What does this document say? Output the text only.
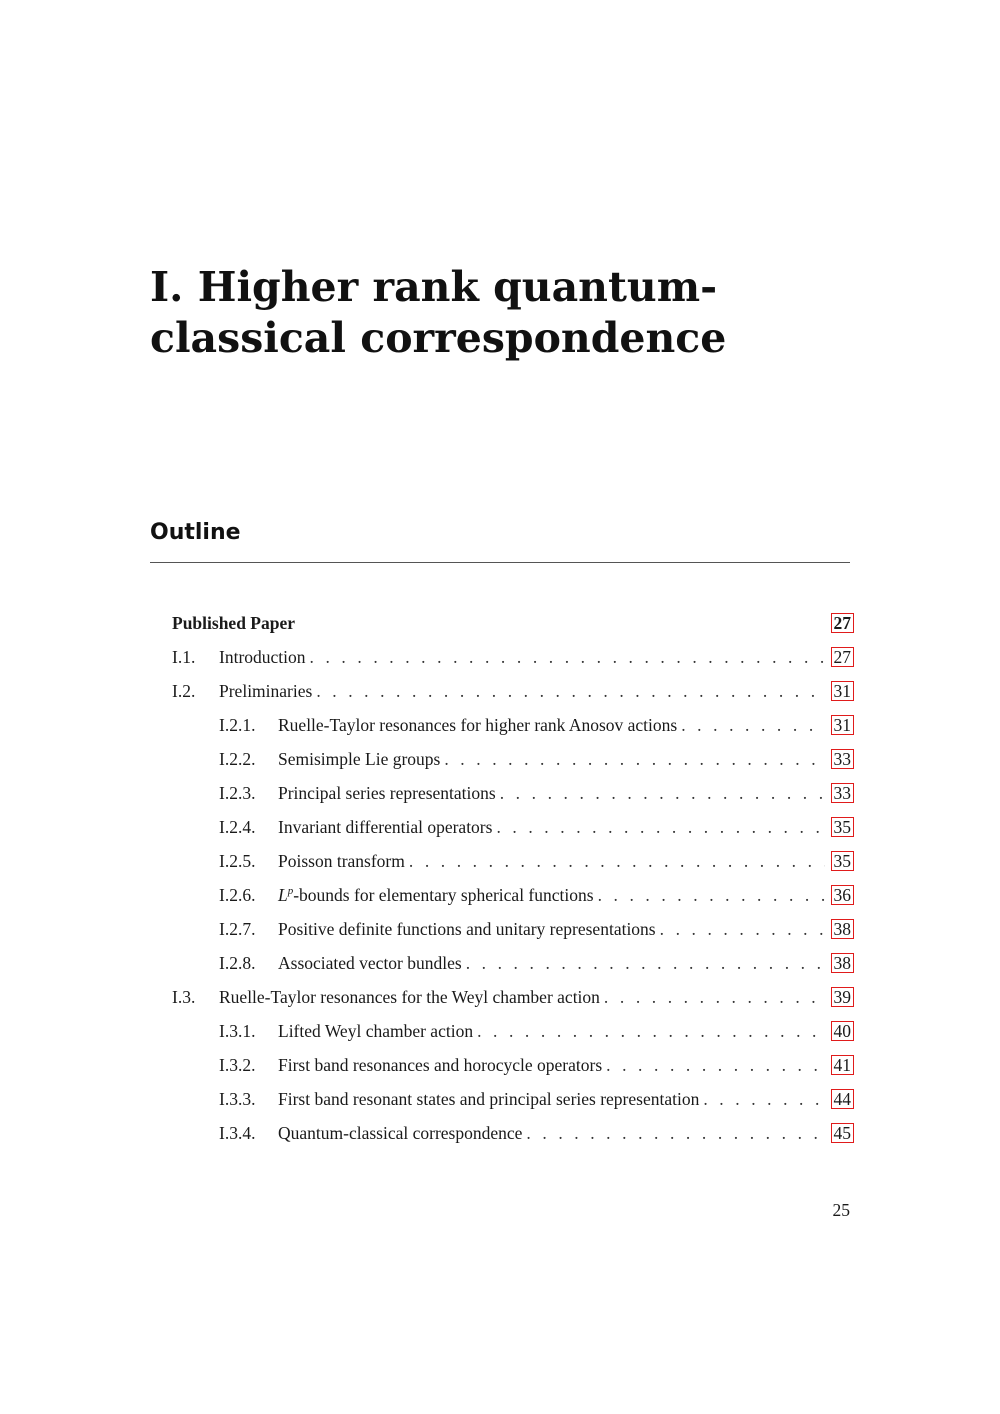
I. Higher rank quantum-classical correspondence
Outline
Published Paper	27
I.1.	Introduction . . .	27
I.2.	Preliminaries . . .	31
I.2.1.	Ruelle-Taylor resonances for higher rank Anosov actions . . .	31
I.2.2.	Semisimple Lie groups . . .	33
I.2.3.	Principal series representations . . .	33
I.2.4.	Invariant differential operators . . .	35
I.2.5.	Poisson transform . . .	35
I.2.6.	$L^p$-bounds for elementary spherical functions . . .	36
I.2.7.	Positive definite functions and unitary representations . . .	38
I.2.8.	Associated vector bundles . . .	38
I.3.	Ruelle-Taylor resonances for the Weyl chamber action . . .	39
I.3.1.	Lifted Weyl chamber action . . .	40
I.3.2.	First band resonances and horocycle operators . . .	41
I.3.3.	First band resonant states and principal series representation . . .	44
I.3.4.	Quantum-classical correspondence . . .	45

25
